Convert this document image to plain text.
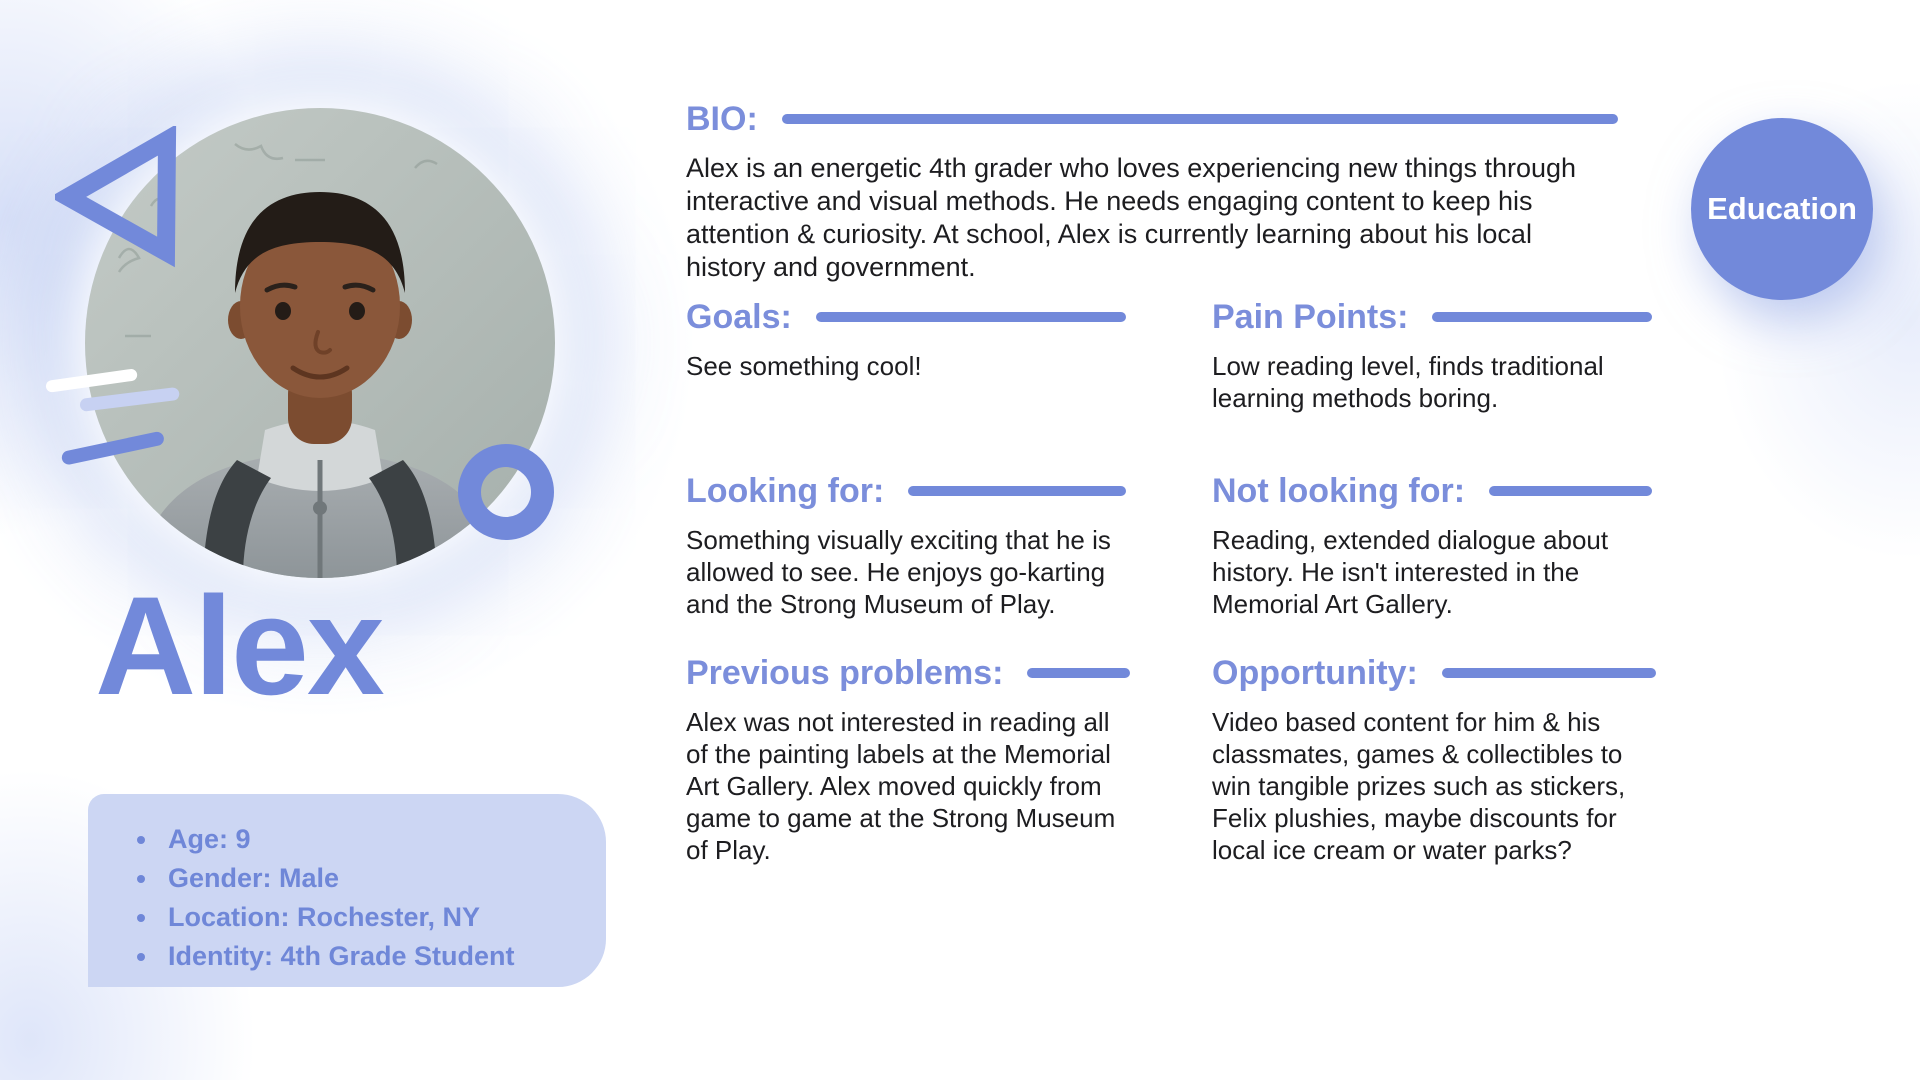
Alex
• Age: 9
• Gender: Male
• Location: Rochester, NY
• Identity: 4th Grade Student
BIO:

Alex is an energetic 4th grader who loves experiencing new things through interactive and visual methods. He needs engaging content to keep his attention & curiosity. At school, Alex is currently learning about his local history and government.

Goals:

See something cool!

Pain Points:

Low reading level, finds traditional learning methods boring.

Looking for:

Something visually exciting that he is allowed to see. He enjoys go-karting and the Strong Museum of Play.

Not looking for:

Reading, extended dialogue about history. He isn't interested in the Memorial Art Gallery.

Previous problems:

Alex was not interested in reading all of the painting labels at the Memorial Art Gallery. Alex moved quickly from game to game at the Strong Museum of Play.

Opportunity:

Video based content for him & his classmates, games & collectibles to win tangible prizes such as stickers, Felix plushies, maybe discounts for local ice cream or water parks?

Education
